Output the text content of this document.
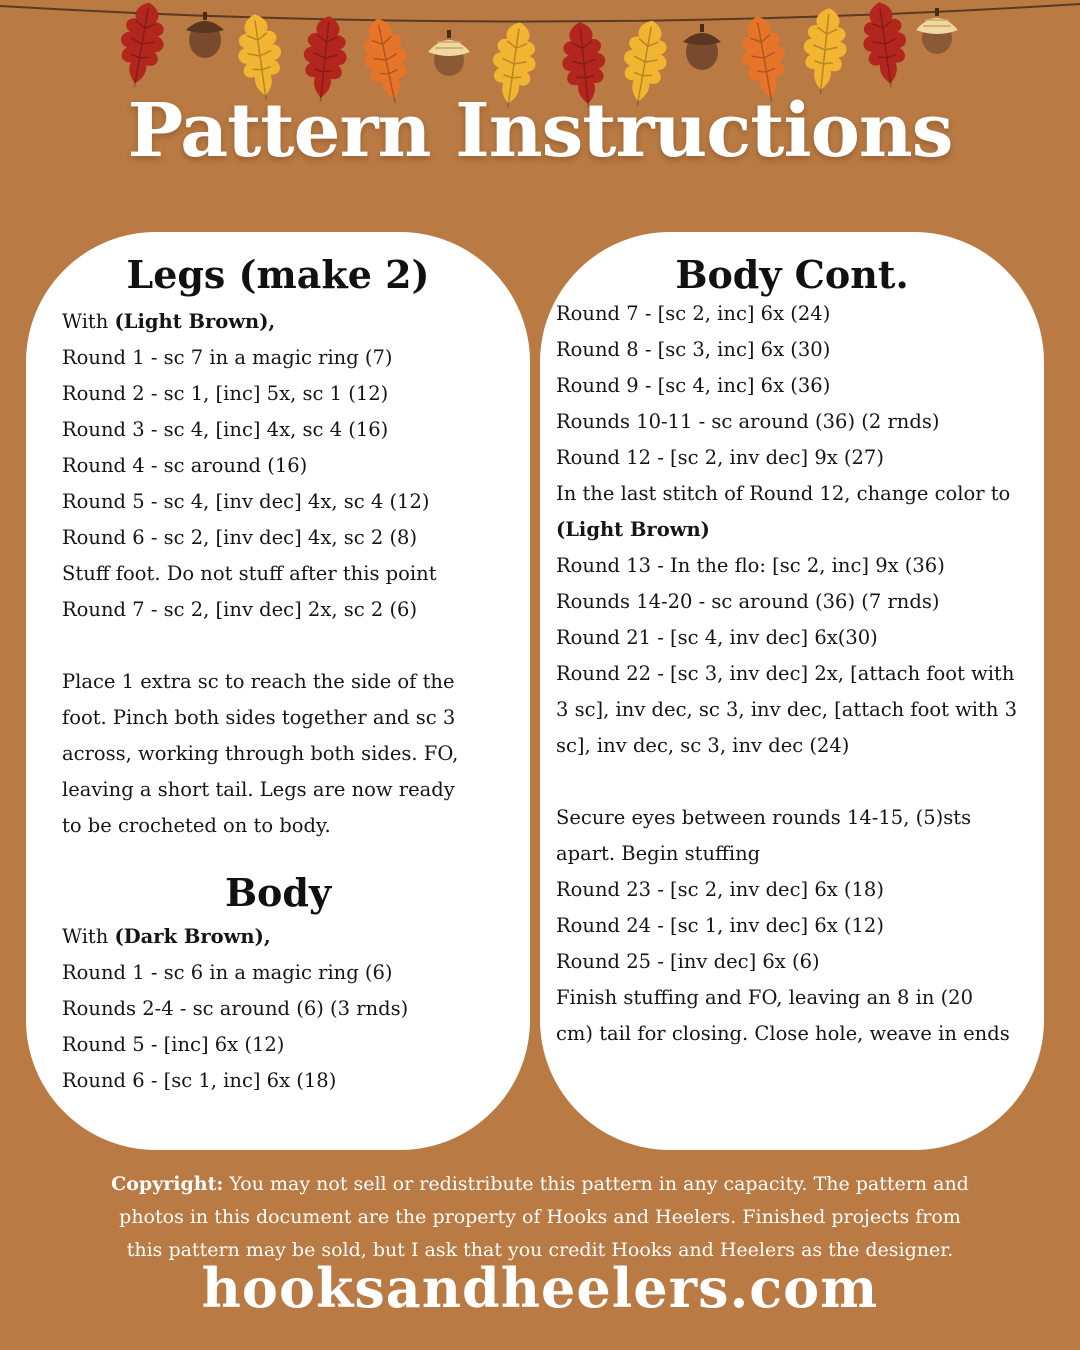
Pattern Instructions
Legs (make 2)
Body
With (Light Brown),
Round 1 - sc 7 in a magic ring (7)
Round 2 - sc 1, [inc] 5x, sc 1 (12)
Round 3 - sc 4, [inc] 4x, sc 4 (16)
Round 4 - sc around (16)
Round 5 - sc 4, [inv dec] 4x, sc 4 (12)
Round 6 - sc 2, [inv dec] 4x, sc 2 (8)
Stuff foot. Do not stuff after this point
Round 7 - sc 2, [inv dec] 2x, sc 2 (6)
Place 1 extra sc to reach the side of the
foot. Pinch both sides together and sc 3
across, working through both sides. FO,
leaving a short tail. Legs are now ready
to be crocheted on to body.
With (Dark Brown),
Round 1 - sc 6 in a magic ring (6)
Rounds 2-4 - sc around (6) (3 rnds)
Round 5 - [inc] 6x (12)
Round 6 - [sc 1, inc] 6x (18)
Body Cont.
Round 7 - [sc 2, inc] 6x (24)
Round 8 - [sc 3, inc] 6x (30)
Round 9 - [sc 4, inc] 6x (36)
Rounds 10-11 - sc around (36) (2 rnds)
Round 12 - [sc 2, inv dec] 9x (27)
In the last stitch of Round 12, change color to
(Light Brown)
Round 13 - In the flo: [sc 2, inc] 9x (36)
Rounds 14-20 - sc around (36) (7 rnds)
Round 21 - [sc 4, inv dec] 6x(30)
Round 22 - [sc 3, inv dec] 2x, [attach foot with
3 sc], inv dec, sc 3, inv dec, [attach foot with 3
sc], inv dec, sc 3, inv dec (24)
Secure eyes between rounds 14-15, (5)sts
apart. Begin stuffing
Round 23 - [sc 2, inv dec] 6x (18)
Round 24 - [sc 1, inv dec] 6x (12)
Round 25 - [inv dec] 6x (6)
Finish stuffing and FO, leaving an 8 in (20
cm) tail for closing. Close hole, weave in ends
Copyright: You may not sell or redistribute this pattern in any capacity. The pattern and
photos in this document are the property of Hooks and Heelers. Finished projects from
this pattern may be sold, but I ask that you credit Hooks and Heelers as the designer.
hooksandheelers.com
